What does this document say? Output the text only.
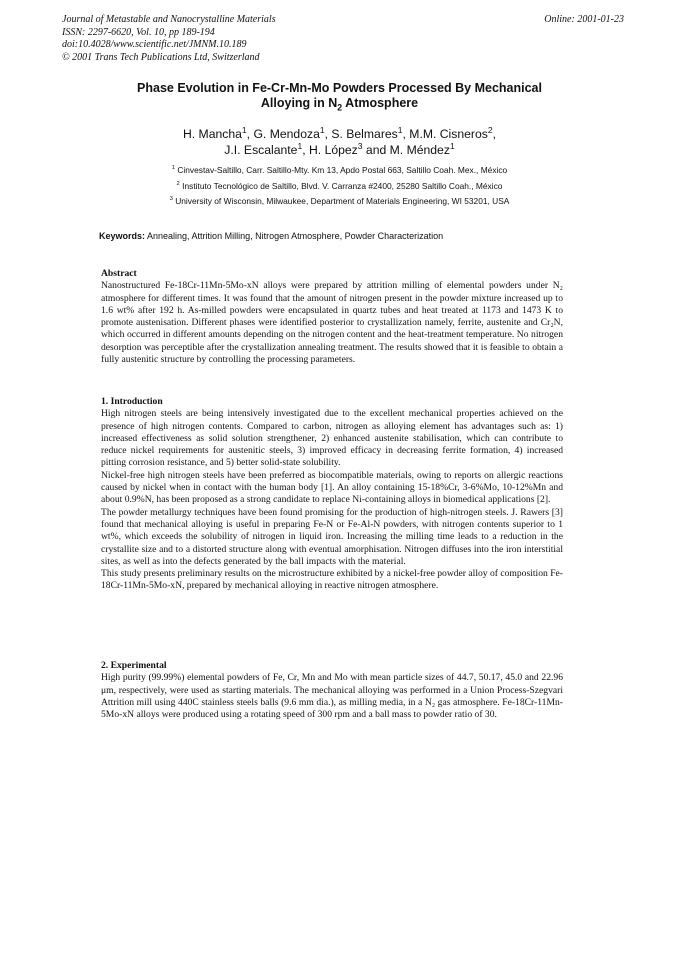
Journal of Metastable and Nanocrystalline Materials
ISSN: 2297-6620, Vol. 10, pp 189-194
doi:10.4028/www.scientific.net/JMNM.10.189
© 2001 Trans Tech Publications Ltd, Switzerland
Online: 2001-01-23
Phase Evolution in Fe-Cr-Mn-Mo Powders Processed By Mechanical
Alloying in $N_2$ Atmosphere
H. Mancha$^1$, G. Mendoza$^1$, S. Belmares$^1$, M.M. Cisneros$^2$,
J.I. Escalante$^1$, H. López$^3$ and M. Méndez$^1$
$^1$ Cinvestav-Saltillo, Carr. Saltillo-Mty. Km 13, Apdo Postal 663, Saltillo Coah. Mex., México
$^2$ Instituto Tecnológico de Saltillo, Blvd. V. Carranza #2400, 25280 Saltillo Coah., México
$^3$ University of Wisconsin, Milwaukee, Department of Materials Engineering, WI 53201, USA
Keywords: Annealing, Attrition Milling, Nitrogen Atmosphere, Powder Characterization
Abstract

Nanostructured Fe-18Cr-11Mn-5Mo-xN alloys were prepared by attrition milling of elemental powders under N₂ atmosphere for different times. It was found that the amount of nitrogen present in the powder mixture increased up to 1.6 wt% after 192 h. As-milled powders were encapsulated in quartz tubes and heat treated at 1173 and 1473 K to promote austenisation. Different phases were identified posterior to crystallization namely, ferrite, austenite and Cr₂N, which occurred in different amounts depending on the nitrogen content and the heat-treatment temperature. No nitrogen desorption was perceptible after the crystallization annealing treatment. The results showed that it is feasible to obtain a fully austenitic structure by controlling the processing parameters.

1. Introduction

High nitrogen steels are being intensively investigated due to the excellent mechanical properties achieved on the presence of high nitrogen contents. Compared to carbon, nitrogen as alloying element has advantages such as: 1) increased effectiveness as solid solution strengthener, 2) enhanced austenite stabilisation, which can contribute to reduce nickel requirements for austenitic steels, 3) improved efficacy in decreasing ferrite formation, 4) increased pitting corrosion resistance, and 5) better solid-state solubility.

Nickel-free high nitrogen steels have been preferred as biocompatible materials, owing to reports on allergic reactions caused by nickel when in contact with the human body [1]. An alloy containing 15-18%Cr, 3-6%Mo, 10-12%Mn and about 0.9%N, has been proposed as a strong candidate to replace Ni-containing alloys in biomedical applications [2].

The powder metallurgy techniques have been found promising for the production of high-nitrogen steels. J. Rawers [3] found that mechanical alloying is useful in preparing Fe-N or Fe-Al-N powders, with nitrogen contents superior to 1 wt%, which exceeds the solubility of nitrogen in liquid iron. Increasing the milling time leads to a reduction in the crystallite size and to a distorted structure along with eventual amorphisation. Nitrogen diffuses into the iron interstitial sites, as well as into the defects generated by the ball impacts with the material.

This study presents preliminary results on the microstructure exhibited by a nickel-free powder alloy of composition Fe-18Cr-11Mn-5Mo-xN, prepared by mechanical alloying in reactive nitrogen atmosphere.

2. Experimental

High purity (99.99%) elemental powders of Fe, Cr, Mn and Mo with mean particle sizes of 44.7, 50.17, 45.0 and 22.96 μm, respectively, were used as starting materials. The mechanical alloying was performed in a Union Process-Szegvari Attrition mill using 440C stainless steels balls (9.6 mm dia.), as milling media, in a N₂ gas atmosphere. Fe-18Cr-11Mn-5Mo-xN alloys were produced using a rotating speed of 300 rpm and a ball mass to powder ratio of 30.
